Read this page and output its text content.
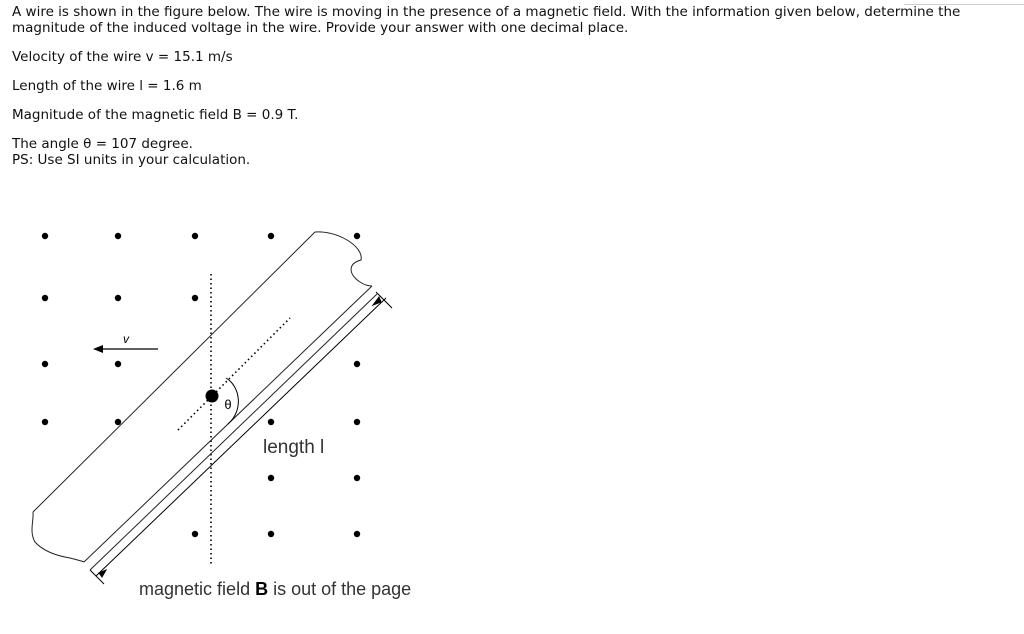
A wire is shown in the figure below. The wire is moving in the presence of a magnetic field. With the information given below, determine the magnitude of the induced voltage in the wire. Provide your answer with one decimal place.

Velocity of the wire v = 15.1 m/s

Length of the wire l = 1.6 m

Magnitude of the magnetic field B = 0.9 T.

The angle θ = 107 degree.

PS: Use SI units in your calculation.

θ
v
length l
magnetic field B is out of the page
